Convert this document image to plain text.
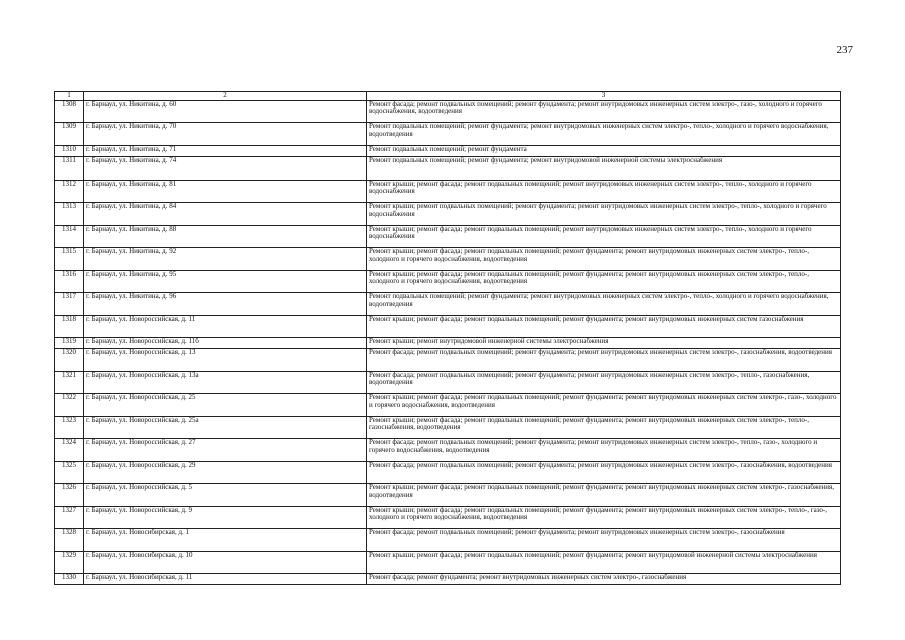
237
1	2	3
1308	г. Барнаул, ул. Никитина, д. 60	Ремонт фасада; ремонт подвальных помещений; ремонт фундамента; ремонт внутридомовых инженерных систем электро-, газо-, холодного и горячего водоснабжения, водоотведения
1309	г. Барнаул, ул. Никитина, д. 70	Ремонт подвальных помещений; ремонт фундамента; ремонт внутридомовых инженерных систем электро-, тепло-, холодного и горячего водоснабжения, водоотведения
1310	г. Барнаул, ул. Никитина, д. 71	Ремонт подвальных помещений; ремонт фундамента
1311	г. Барнаул, ул. Никитина, д. 74	Ремонт подвальных помещений; ремонт фундамента; ремонт внутридомовой инженерной системы электроснабжения
1312	г. Барнаул, ул. Никитина, д. 81	Ремонт крыши; ремонт фасада; ремонт подвальных помещений; ремонт внутридомовых инженерных систем электро-, тепло-, холодного и горячего водоснабжения
1313	г. Барнаул, ул. Никитина, д. 84	Ремонт крыши; ремонт подвальных помещений; ремонт фундамента; ремонт внутридомовых инженерных систем электро-, тепло-, холодного и горячего водоснабжения
1314	г. Барнаул, ул. Никитина, д. 88	Ремонт крыши; ремонт фасада; ремонт подвальных помещений; ремонт внутридомовых инженерных систем электро-, тепло-, холодного и горячего водоснабжения
1315	г. Барнаул, ул. Никитина, д. 92	Ремонт крыши; ремонт фасада; ремонт подвальных помещений; ремонт фундамента; ремонт внутридомовых инженерных систем электро-, тепло-, холодного и горячего водоснабжения, водоотведения
1316	г. Барнаул, ул. Никитина, д. 95	Ремонт крыши; ремонт фасада; ремонт подвальных помещений; ремонт фундамента; ремонт внутридомовых инженерных систем электро-, тепло-, холодного и горячего водоснабжения, водоотведения
1317	г. Барнаул, ул. Никитина, д. 96	Ремонт подвальных помещений; ремонт фундамента; ремонт внутридомовых инженерных систем электро-, тепло-, холодного и горячего водоснабжения, водоотведения
1318	г. Барнаул, ул. Новороссийская, д. 11	Ремонт крыши; ремонт фасада; ремонт подвальных помещений; ремонт фундамента; ремонт внутридомовых инженерных систем газоснабжения
1319	г. Барнаул, ул. Новороссийская, д. 11б	Ремонт крыши; ремонт внутридомовой инженерной системы электроснабжения
1320	г. Барнаул, ул. Новороссийская, д. 13	Ремонт фасада; ремонт подвальных помещений; ремонт фундамента; ремонт внутридомовых инженерных систем электро-, газоснабжения, водоотведения
1321	г. Барнаул, ул. Новороссийская, д. 13а	Ремонт фасада; ремонт подвальных помещений; ремонт фундамента; ремонт внутридомовых инженерных систем электро-, тепло-, газоснабжения, водоотведения
1322	г. Барнаул, ул. Новороссийская, д. 25	Ремонт крыши; ремонт фасада; ремонт подвальных помещений; ремонт фундамента; ремонт внутридомовых инженерных систем электро-, газо-, холодного и горячего водоснабжения, водоотведения
1323	г. Барнаул, ул. Новороссийская, д. 25а	Ремонт крыши; ремонт фасада; ремонт подвальных помещений; ремонт фундамента; ремонт внутридомовых инженерных систем электро-, тепло-, газоснабжения, водоотведения
1324	г. Барнаул, ул. Новороссийская, д. 27	Ремонт фасада; ремонт подвальных помещений; ремонт фундамента; ремонт внутридомовых инженерных систем электро-, тепло-, газо-, холодного и горячего водоснабжения, водоотведения
1325	г. Барнаул, ул. Новороссийская, д. 29	Ремонт фасада; ремонт подвальных помещений; ремонт фундамента; ремонт внутридомовых инженерных систем электро-, газоснабжения, водоотведения
1326	г. Барнаул, ул. Новороссийская, д. 5	Ремонт крыши; ремонт фасада; ремонт подвальных помещений; ремонт фундамента; ремонт внутридомовых инженерных систем электро-, газоснабжения, водоотведения
1327	г. Барнаул, ул. Новороссийская, д. 9	Ремонт крыши; ремонт фасада; ремонт подвальных помещений; ремонт фундамента; ремонт внутридомовых инженерных систем электро-, тепло-, газо-, холодного и горячего водоснабжения, водоотведения
1328	г. Барнаул, ул. Новосибирская, д. 1	Ремонт фасада; ремонт подвальных помещений; ремонт фундамента; ремонт внутридомовых инженерных систем электро-, газоснабжения
1329	г. Барнаул, ул. Новосибирская, д. 10	Ремонт крыши; ремонт фасада; ремонт подвальных помещений; ремонт фундамента; ремонт внутридомовой инженерной системы электроснабжения
1330	г. Барнаул, ул. Новосибирская, д. 11	Ремонт фасада; ремонт фундамента; ремонт внутридомовых инженерных систем электро-, газоснабжения
